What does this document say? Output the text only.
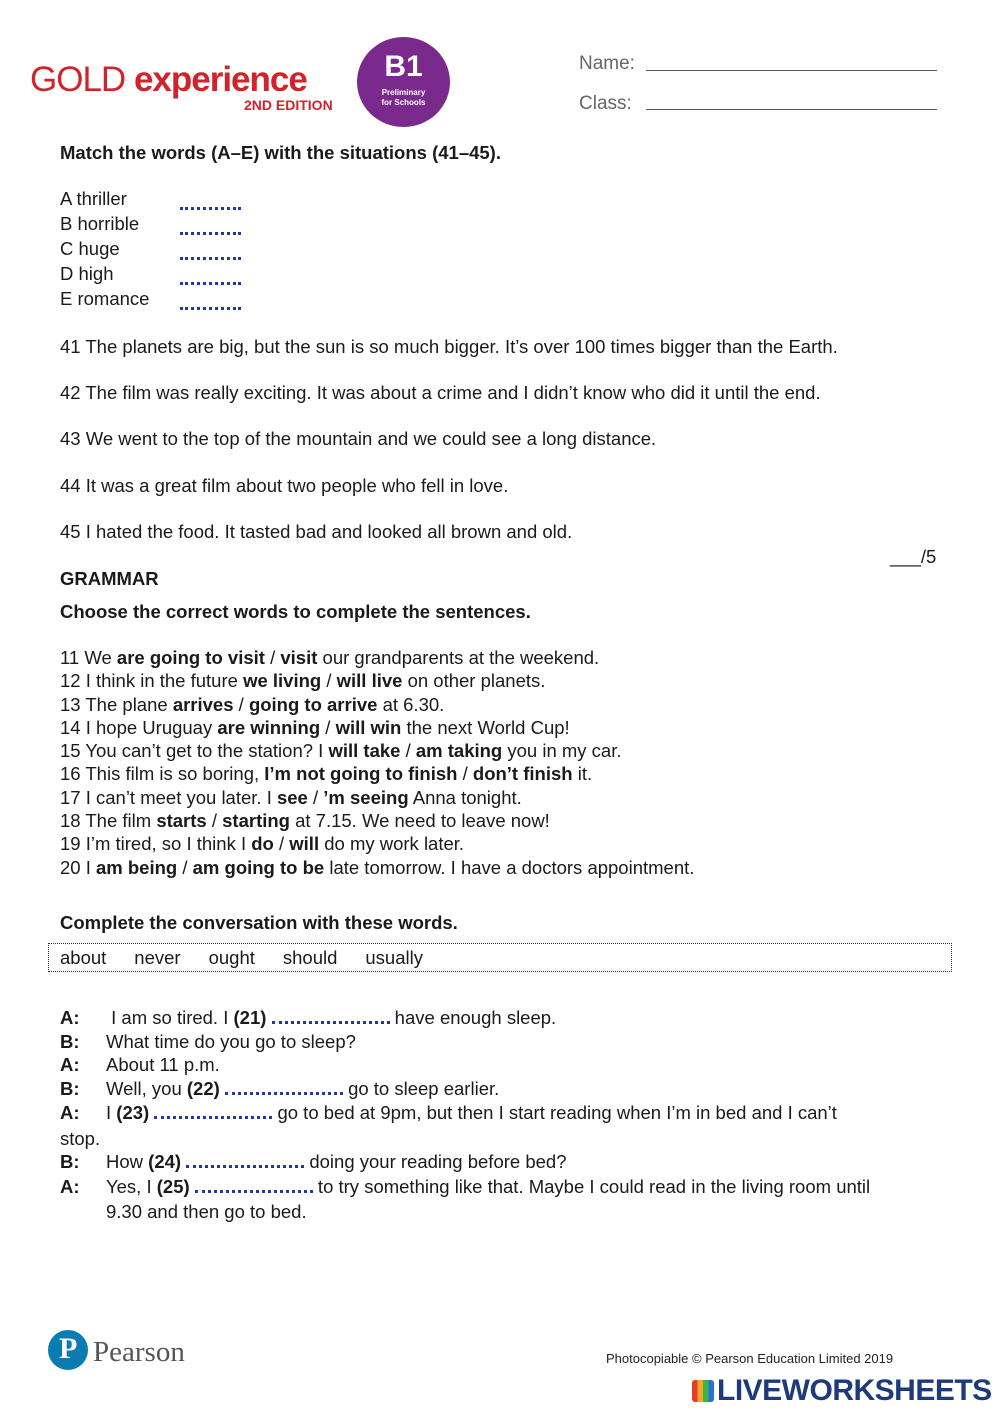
GOLD experience
2ND EDITION
B1
Preliminary
for Schools
Name:
Class:
Match the words (A–E) with the situations (41–45).
A thriller
B horrible
C huge
D high
E romance
41 The planets are big, but the sun is so much bigger. It’s over 100 times bigger than the Earth.
42 The film was really exciting. It was about a crime and I didn’t know who did it until the end.
43 We went to the top of the mountain and we could see a long distance.
44 It was a great film about two people who fell in love.
45 I hated the food. It tasted bad and looked all brown and old.
___/5
GRAMMAR
Choose the correct words to complete the sentences.
11 We are going to visit / visit our grandparents at the weekend.
12 I think in the future we living / will live on other planets.
13 The plane arrives / going to arrive at 6.30.
14 I hope Uruguay are winning / will win the next World Cup!
15 You can’t get to the station? I will take / am taking you in my car.
16 This film is so boring, I’m not going to finish / don’t finish it.
17 I can’t meet you later. I see / ’m seeing Anna tonight.
18 The film starts / starting at 7.15. We need to leave now!
19 I’m tired, so I think I do / will do my work later.
20 I am being / am going to be late tomorrow. I have a doctors appointment.
Complete the conversation with these words.
about never ought should usually
A: I am so tired. I (21)	have enough sleep.
B: What time do you go to sleep?
A: About 11 p.m.
B: Well, you (22)	go to sleep earlier.
A: I (23)	go to bed at 9pm, but then I start reading when I’m in bed and I can’t
stop.
B: How (24)	doing your reading before bed?
A: Yes, I (25)	to try something like that. Maybe I could read in the living room until
9.30 and then go to bed.
P Pearson	Photocopiable © Pearson Education Limited 2019
LIVEWORKSHEETS
